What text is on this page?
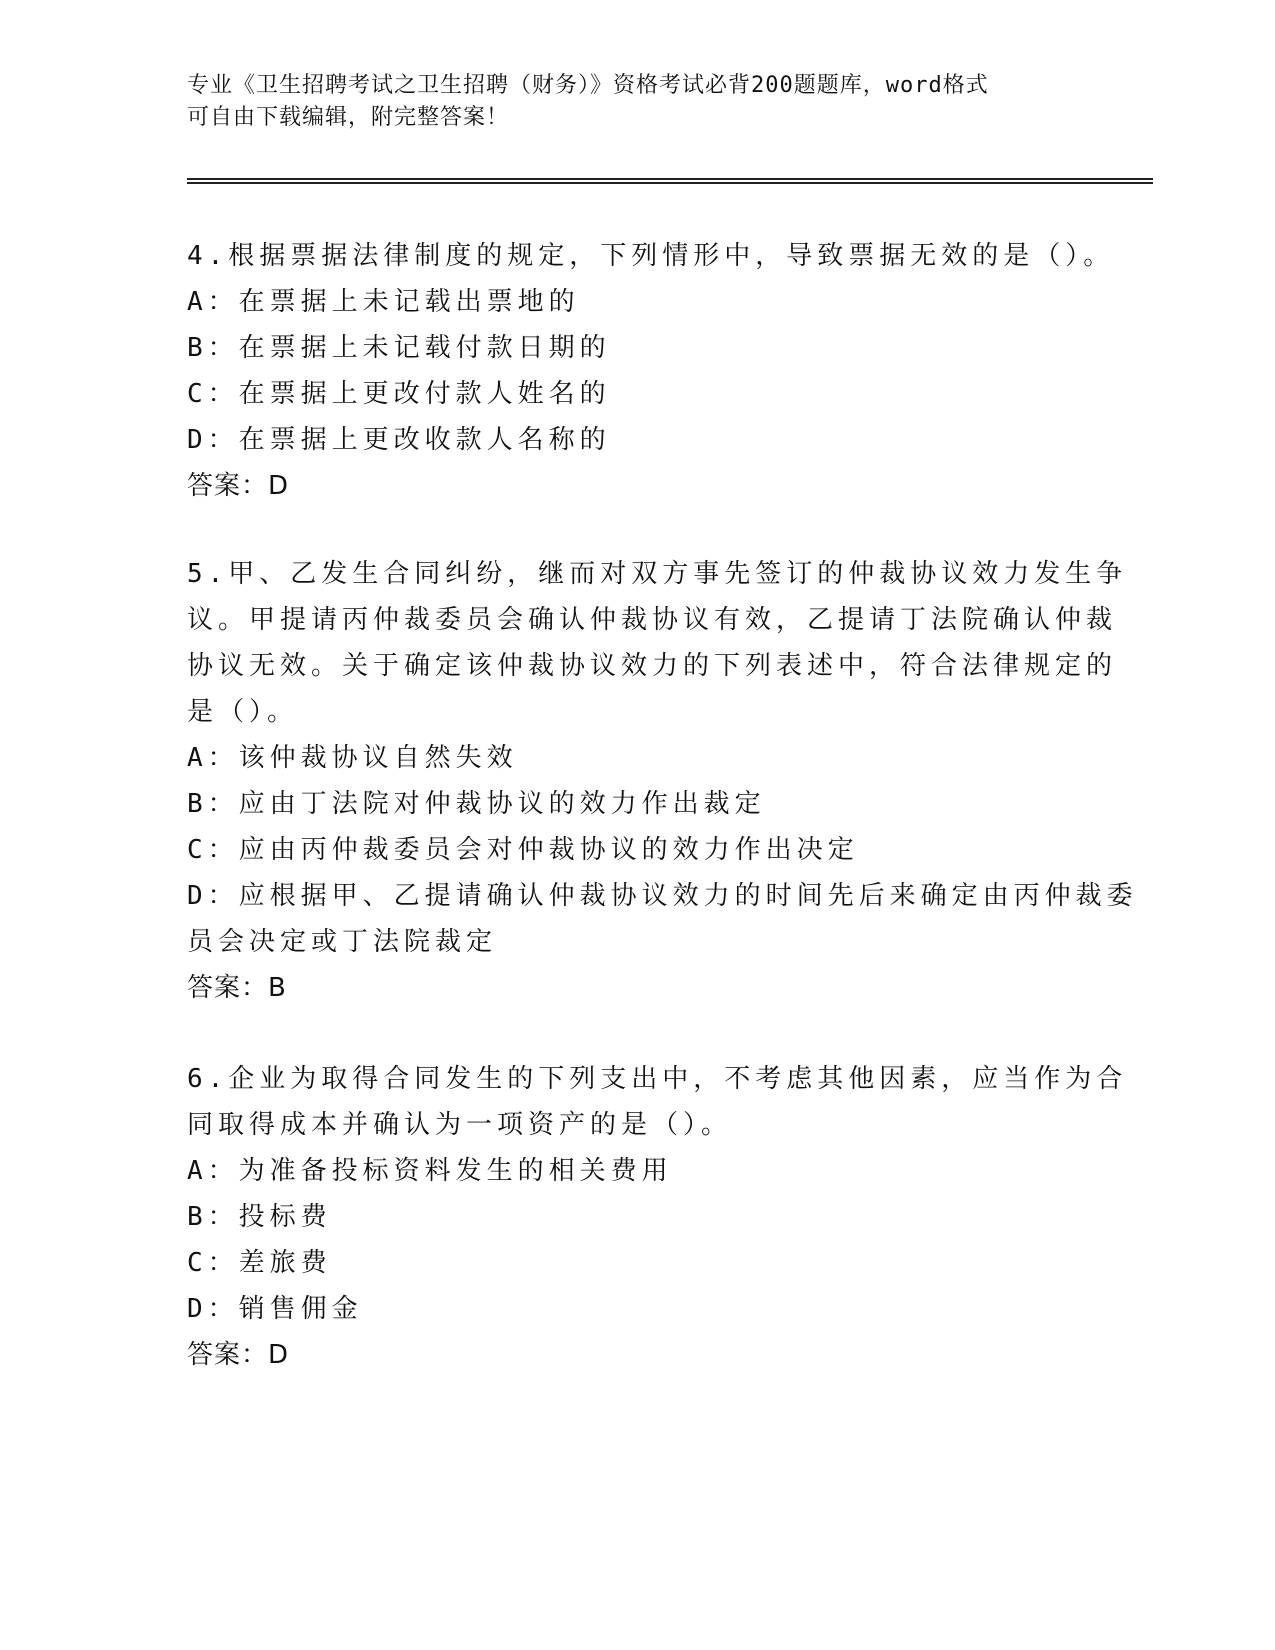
专业《卫生招聘考试之卫生招聘（财务）》资格考试必背200题题库，word格式
可自由下载编辑，附完整答案！
4.根据票据法律制度的规定，下列情形中，导致票据无效的是（）。
A：在票据上未记载出票地的
B：在票据上未记载付款日期的
C：在票据上更改付款人姓名的
D：在票据上更改收款人名称的
答案：D
5.甲、乙发生合同纠纷，继而对双方事先签订的仲裁协议效力发生争
议。甲提请丙仲裁委员会确认仲裁协议有效，乙提请丁法院确认仲裁
协议无效。关于确定该仲裁协议效力的下列表述中，符合法律规定的
是（）。
A：该仲裁协议自然失效
B：应由丁法院对仲裁协议的效力作出裁定
C：应由丙仲裁委员会对仲裁协议的效力作出决定
D：应根据甲、乙提请确认仲裁协议效力的时间先后来确定由丙仲裁委
员会决定或丁法院裁定
答案：B
6.企业为取得合同发生的下列支出中，不考虑其他因素，应当作为合
同取得成本并确认为一项资产的是（）。
A：为准备投标资料发生的相关费用
B：投标费
C：差旅费
D：销售佣金
答案：D
